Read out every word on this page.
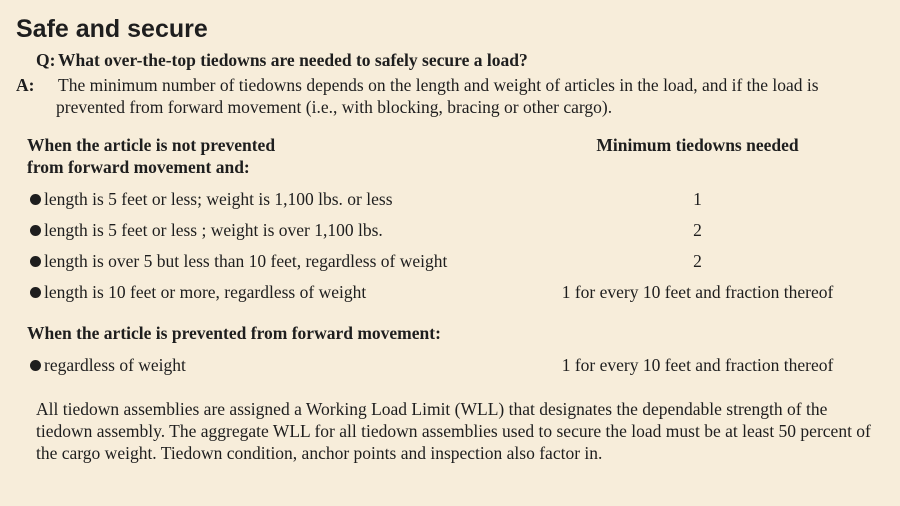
Safe and secure
Q: What over-the-top tiedowns are needed to safely secure a load?
A: The minimum number of tiedowns depends on the length and weight of articles in the load, and if the load is prevented from forward movement (i.e., with blocking, bracing or other cargo).
When the article is not prevented
from forward movement and:
Minimum tiedowns needed
length is 5 feet or less; weight is 1,100 lbs. or less	1
length is 5 feet or less ; weight is over 1,100 lbs.	2
length is over 5 but less than 10 feet, regardless of weight	2
length is 10 feet or more, regardless of weight	1 for every 10 feet and fraction thereof
When the article is prevented from forward movement:
regardless of weight	1 for every 10 feet and fraction thereof
All tiedown assemblies are assigned a Working Load Limit (WLL) that designates the dependable strength of the tiedown assembly. The aggregate WLL for all tiedown assemblies used to secure the load must be at least 50 percent of the cargo weight. Tiedown condition, anchor points and inspection also factor in.
